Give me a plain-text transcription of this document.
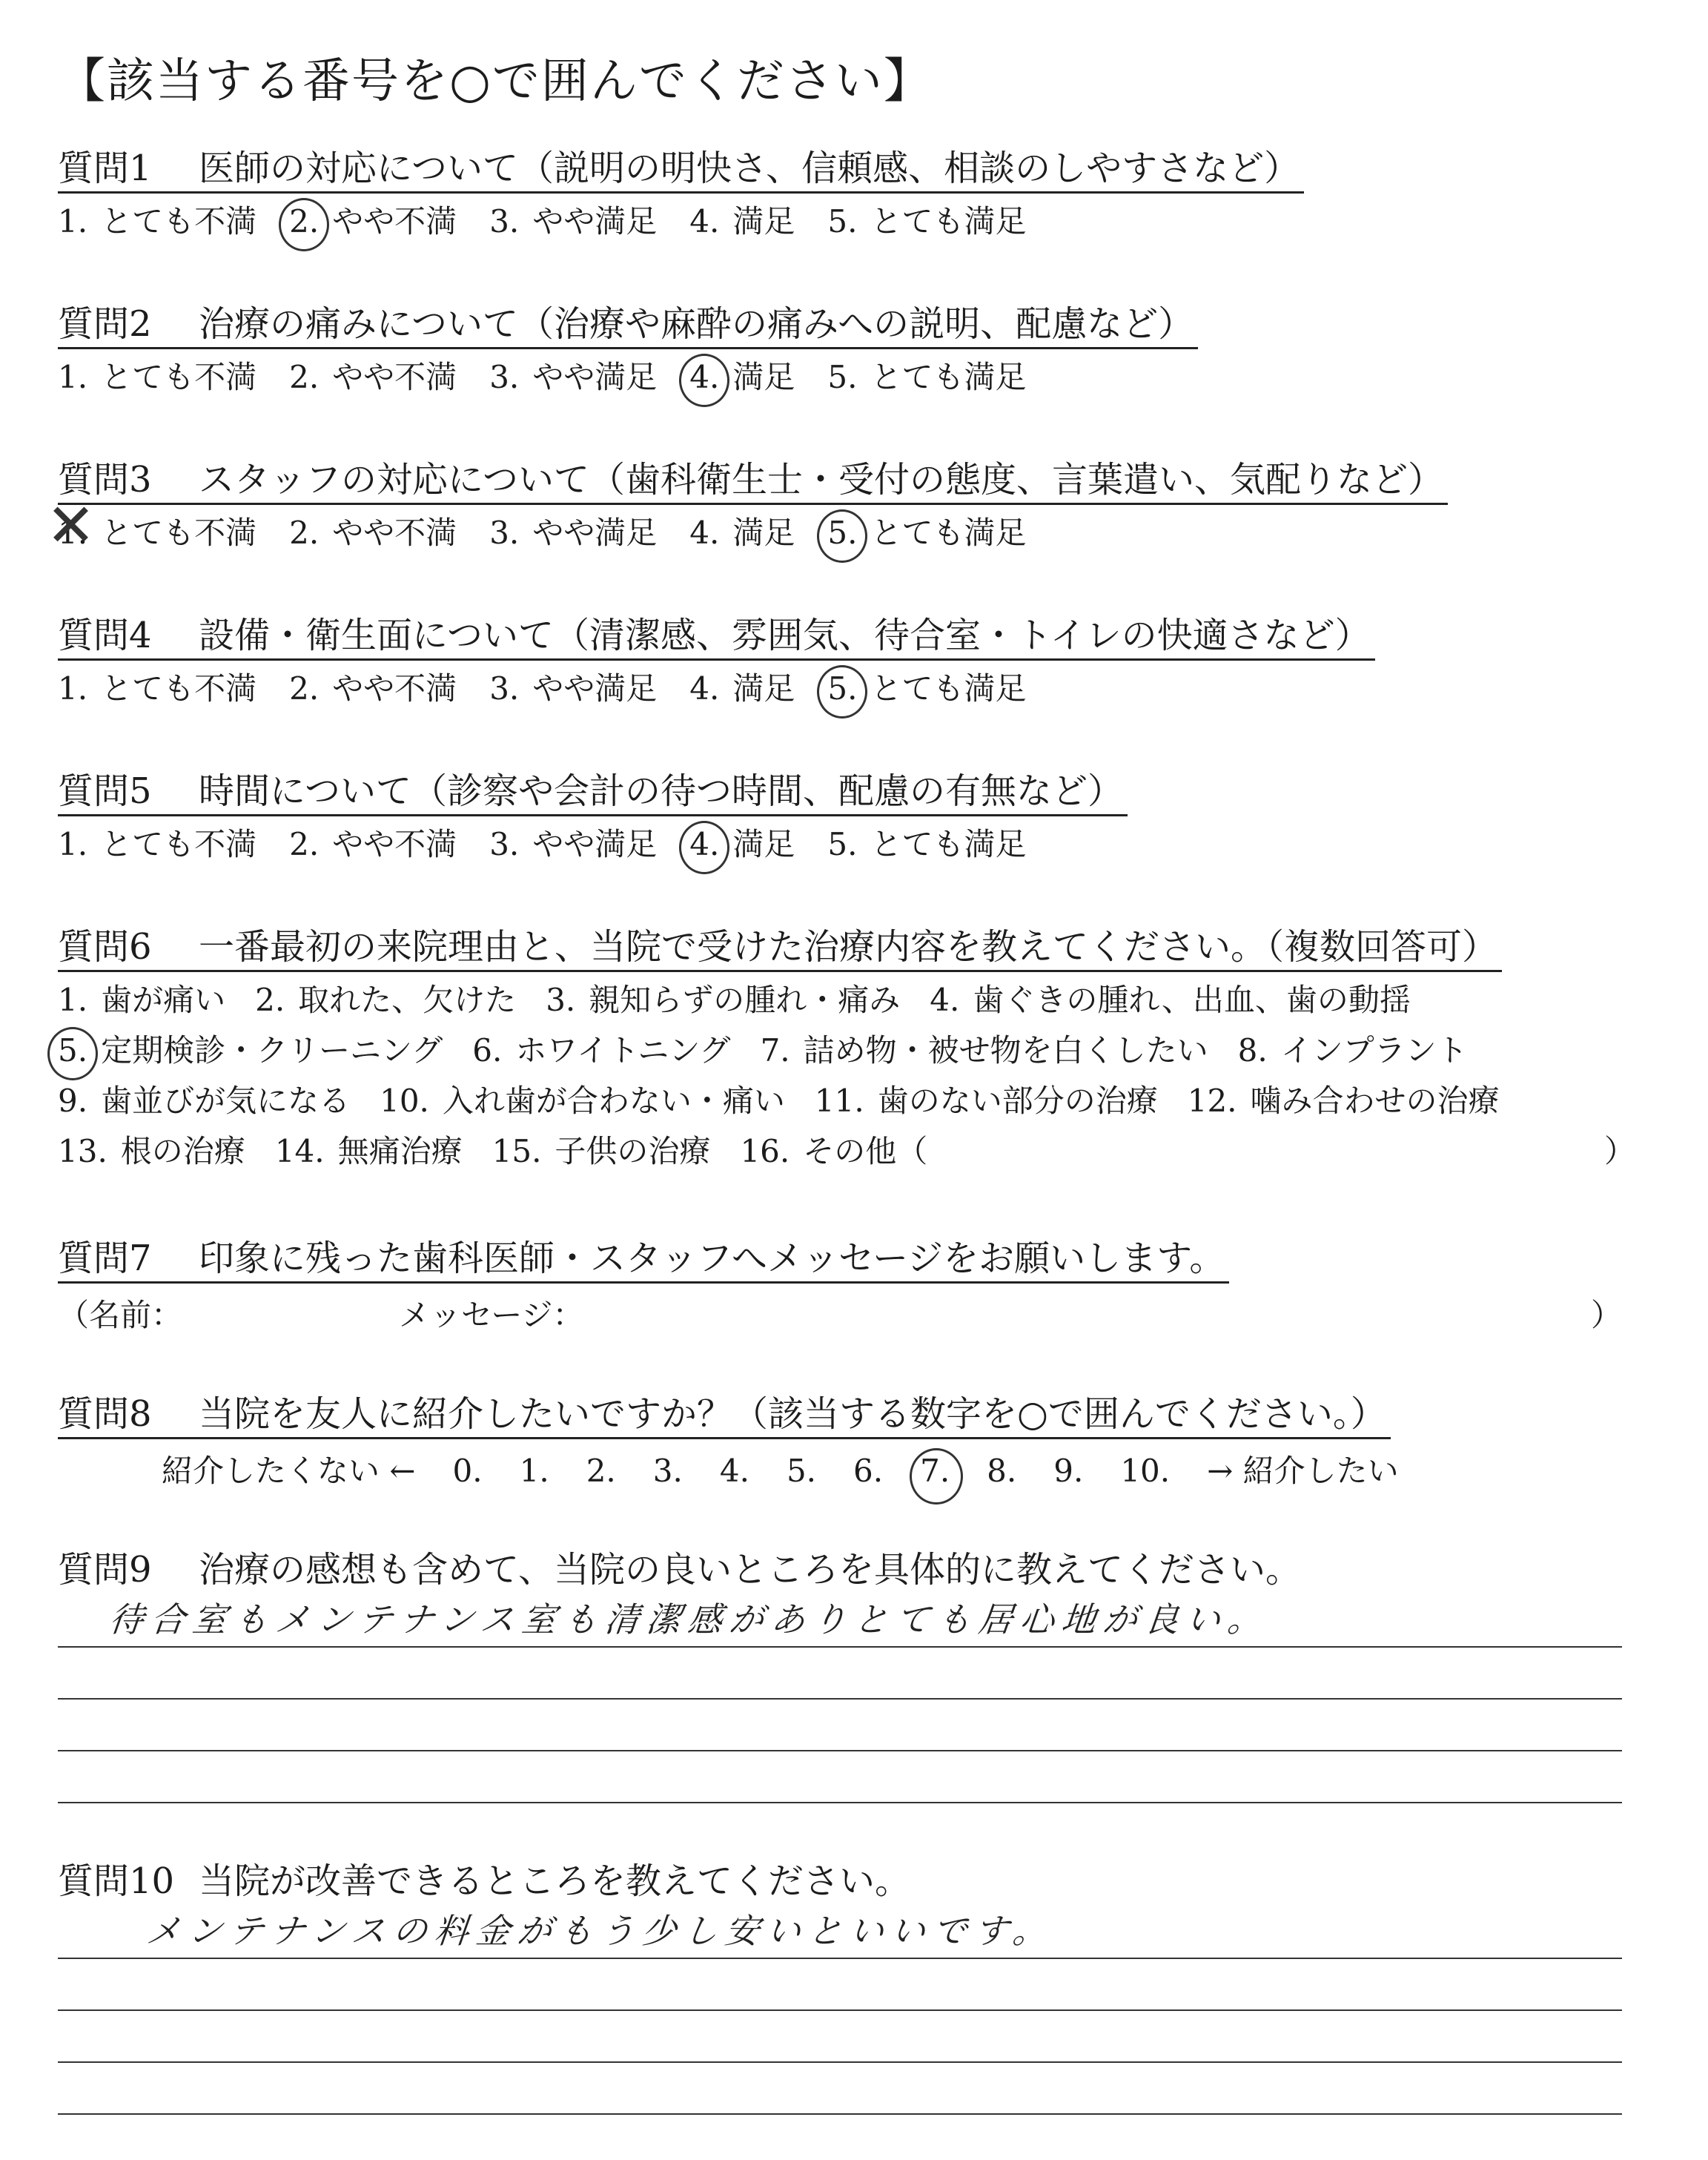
【該当する番号を○で囲んでください】
質問1 医師の対応について（説明の明快さ、信頼感、相談のしやすさなど）
1. とても不満 2. やや不満 3. やや満足 4. 満足 5. とても満足
質問2 治療の痛みについて（治療や麻酔の痛みへの説明、配慮など）
1. とても不満 2. やや不満 3. やや満足 4. 満足 5. とても満足
質問3 スタッフの対応について（歯科衛生士・受付の態度、言葉遣い、気配りなど）
1. とても不満 ✕ 2. やや不満 3. やや満足 4. 満足 5. とても満足
質問4 設備・衛生面について（清潔感、雰囲気、待合室・トイレの快適さなど）
1. とても不満 2. やや不満 3. やや満足 4. 満足 5. とても満足
質問5 時間について（診察や会計の待つ時間、配慮の有無など）
1. とても不満 2. やや不満 3. やや満足 4. 満足 5. とても満足
質問6 一番最初の来院理由と、当院で受けた治療内容を教えてください。（複数回答可）
1. 歯が痛い 2. 取れた、欠けた 3. 親知らずの腫れ・痛み 4. 歯ぐきの腫れ、出血、歯の動揺
5. 定期検診・クリーニング 6. ホワイトニング 7. 詰め物・被せ物を白くしたい 8. インプラント
9. 歯並びが気になる 10. 入れ歯が合わない・痛い 11. 歯のない部分の治療 12. 噛み合わせの治療
13. 根の治療 14. 無痛治療 15. 子供の治療 16. その他（	）
質問7 印象に残った歯科医師・スタッフへメッセージをお願いします。
（名前：	メッセージ：	）
質問8 当院を友人に紹介したいですか？（該当する数字を○で囲んでください。）
紹介したくない ← 0. 1. 2. 3. 4. 5. 6. 7. 8. 9. 10. → 紹介したい
質問9 治療の感想も含めて、当院の良いところを具体的に教えてください。
待合室もメンテナンス室も清潔感がありとても居心地が良い。
質問10 当院が改善できるところを教えてください。
メンテナンスの料金がもう少し安いといいです。
